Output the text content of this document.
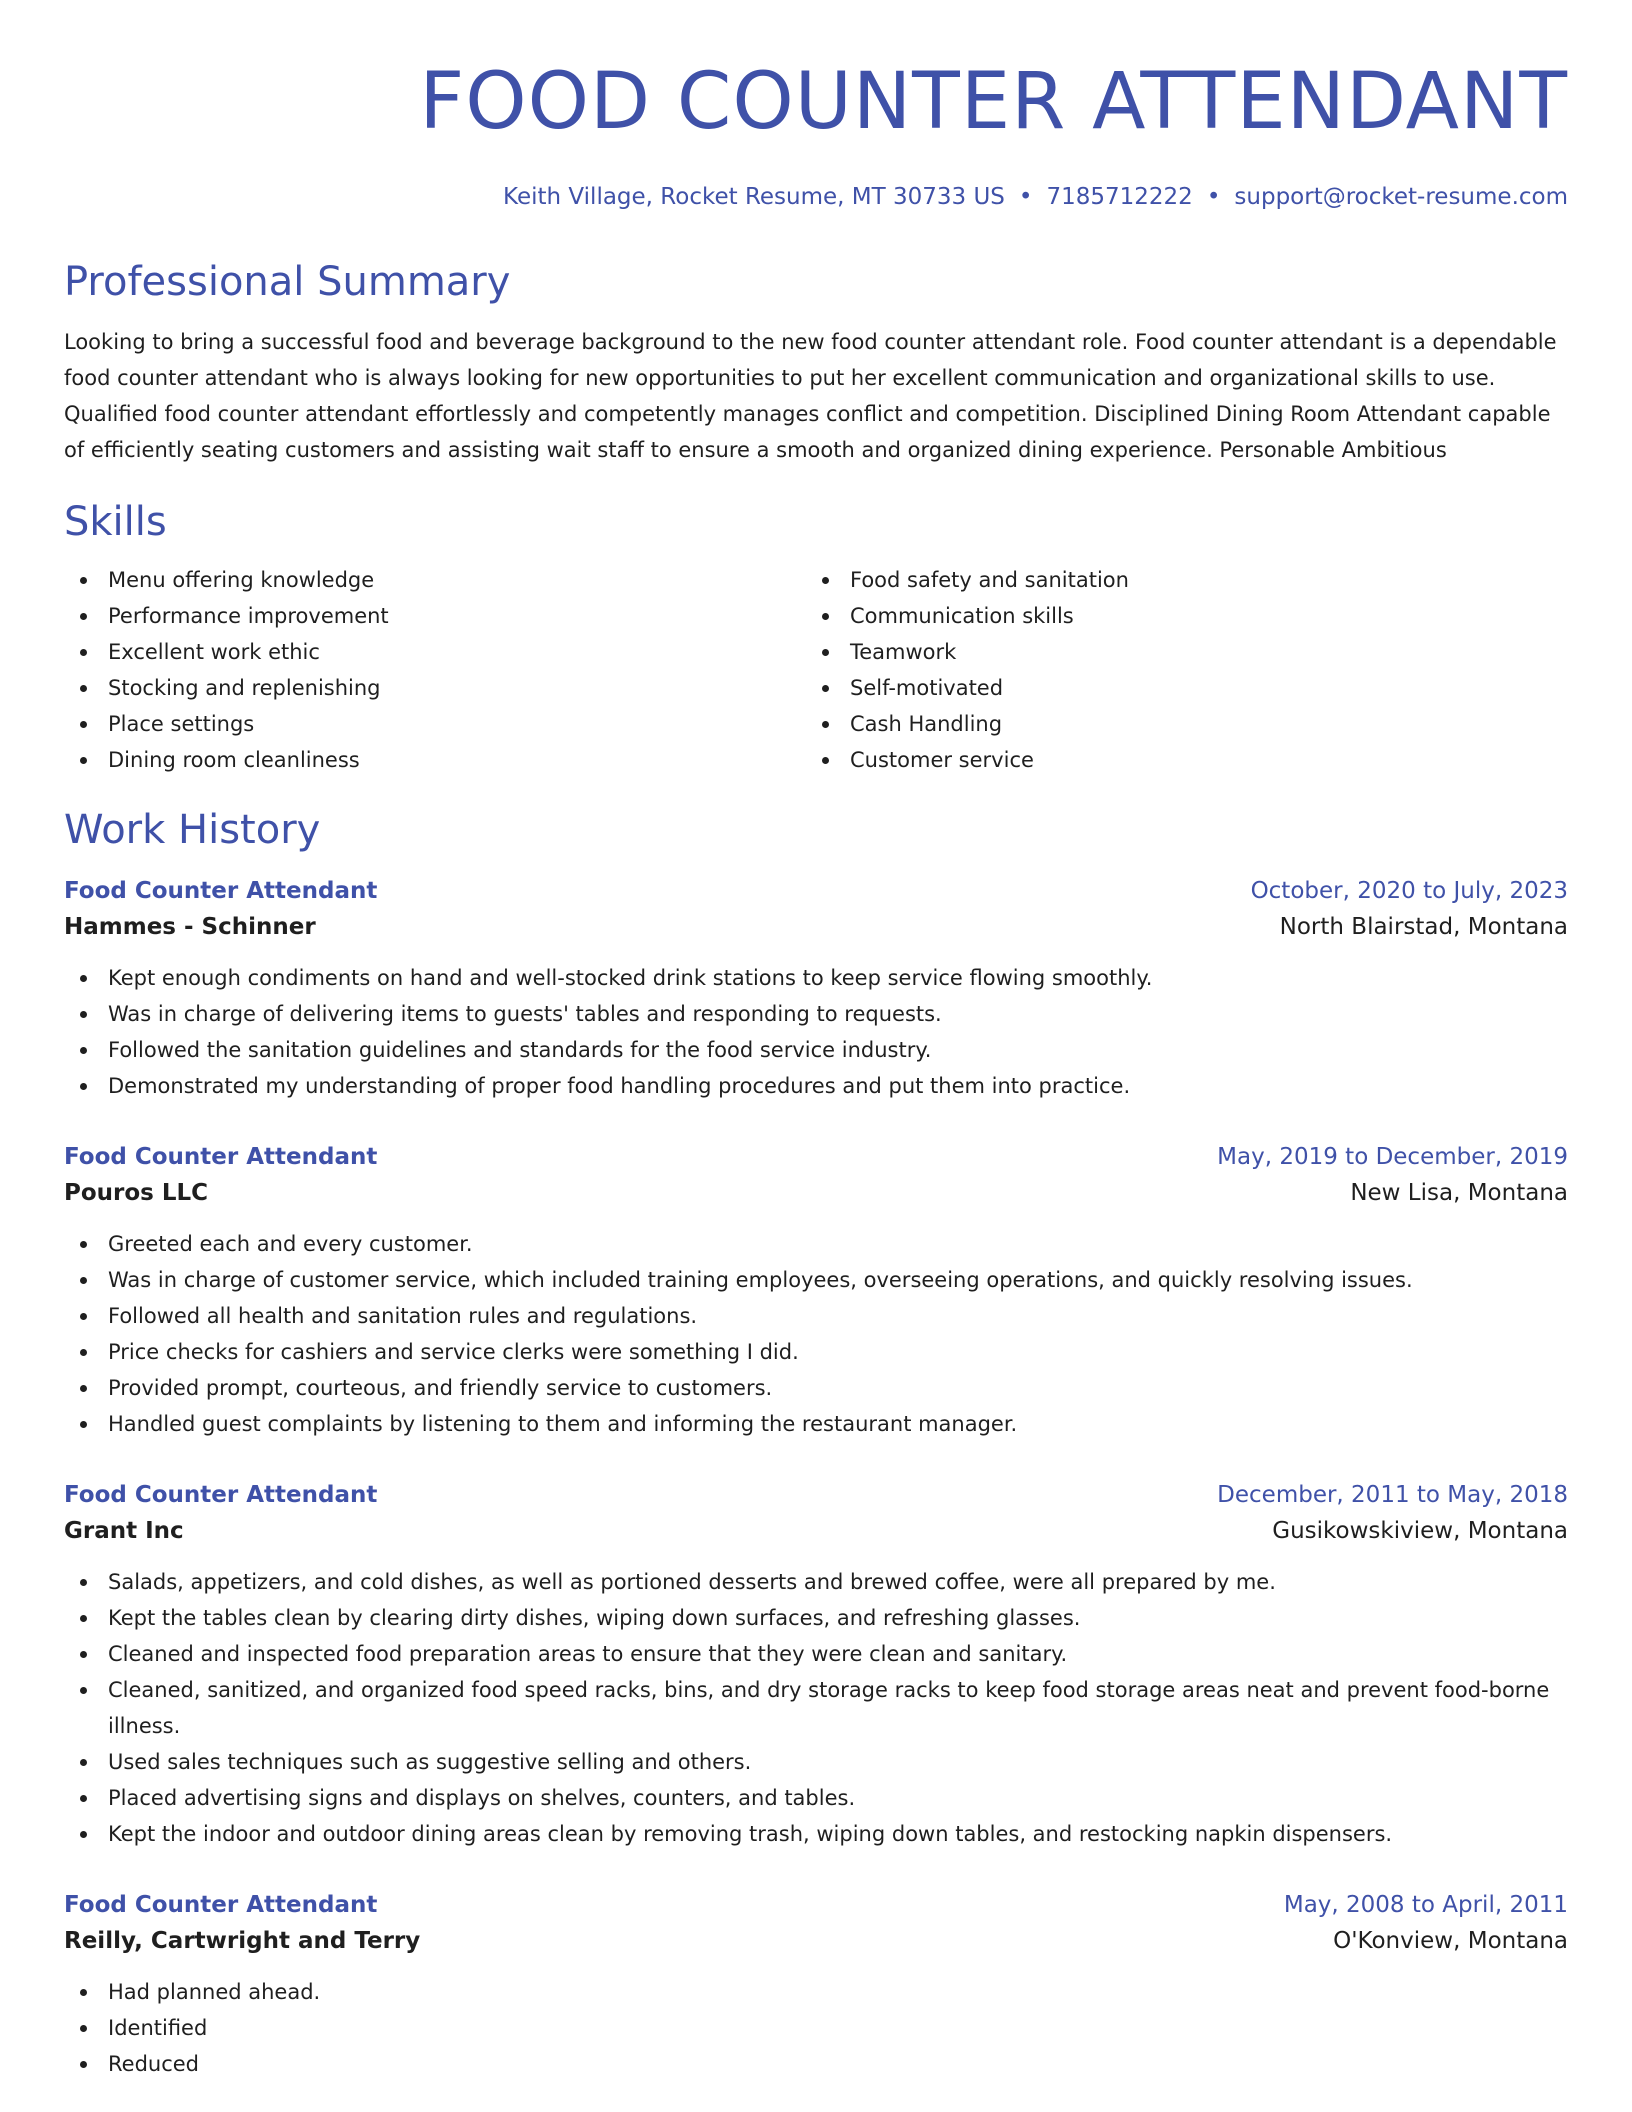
FOOD COUNTER ATTENDANT
Keith Village, Rocket Resume, MT 30733 US • 7185712222 • support@rocket-resume.com
Professional Summary
Looking to bring a successful food and beverage background to the new food counter attendant role. Food counter attendant is a dependable food counter attendant who is always looking for new opportunities to put her excellent communication and organizational skills to use. Qualified food counter attendant effortlessly and competently manages conflict and competition. Disciplined Dining Room Attendant capable of efficiently seating customers and assisting wait staff to ensure a smooth and organized dining experience. Personable Ambitious
Skills
Menu offering knowledge
Performance improvement
Excellent work ethic
Stocking and replenishing
Place settings
Dining room cleanliness
Food safety and sanitation
Communication skills
Teamwork
Self-motivated
Cash Handling
Customer service
Work History
Food Counter Attendant	October, 2020 to July, 2023
Hammes - Schinner	North Blairstad, Montana
Kept enough condiments on hand and well-stocked drink stations to keep service flowing smoothly.
Was in charge of delivering items to guests' tables and responding to requests.
Followed the sanitation guidelines and standards for the food service industry.
Demonstrated my understanding of proper food handling procedures and put them into practice.
Food Counter Attendant	May, 2019 to December, 2019
Pouros LLC	New Lisa, Montana
Greeted each and every customer.
Was in charge of customer service, which included training employees, overseeing operations, and quickly resolving issues.
Followed all health and sanitation rules and regulations.
Price checks for cashiers and service clerks were something I did.
Provided prompt, courteous, and friendly service to customers.
Handled guest complaints by listening to them and informing the restaurant manager.
Food Counter Attendant	December, 2011 to May, 2018
Grant Inc	Gusikowskiview, Montana
Salads, appetizers, and cold dishes, as well as portioned desserts and brewed coffee, were all prepared by me.
Kept the tables clean by clearing dirty dishes, wiping down surfaces, and refreshing glasses.
Cleaned and inspected food preparation areas to ensure that they were clean and sanitary.
Cleaned, sanitized, and organized food speed racks, bins, and dry storage racks to keep food storage areas neat and prevent food-borne illness.
Used sales techniques such as suggestive selling and others.
Placed advertising signs and displays on shelves, counters, and tables.
Kept the indoor and outdoor dining areas clean by removing trash, wiping down tables, and restocking napkin dispensers.
Food Counter Attendant	May, 2008 to April, 2011
Reilly, Cartwright and Terry	O'Konview, Montana
Had planned ahead.
Identified
Reduced
